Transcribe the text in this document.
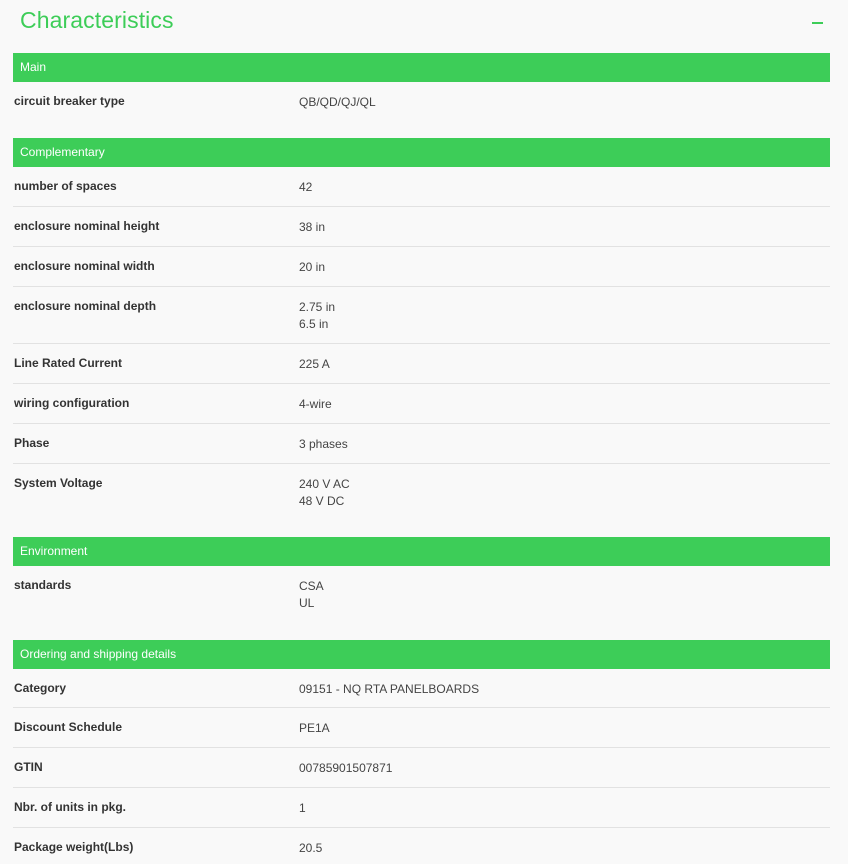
Characteristics
Main
circuit breaker type	QB/QD/QJ/QL
Complementary
number of spaces	42
enclosure nominal height	38 in
enclosure nominal width	20 in
enclosure nominal depth	2.75 in
6.5 in
Line Rated Current	225 A
wiring configuration	4-wire
Phase	3 phases
System Voltage	240 V AC
48 V DC
Environment
standards	CSA
UL
Ordering and shipping details
Category	09151 - NQ RTA PANELBOARDS
Discount Schedule	PE1A
GTIN	00785901507871
Nbr. of units in pkg.	1
Package weight(Lbs)	20.5
